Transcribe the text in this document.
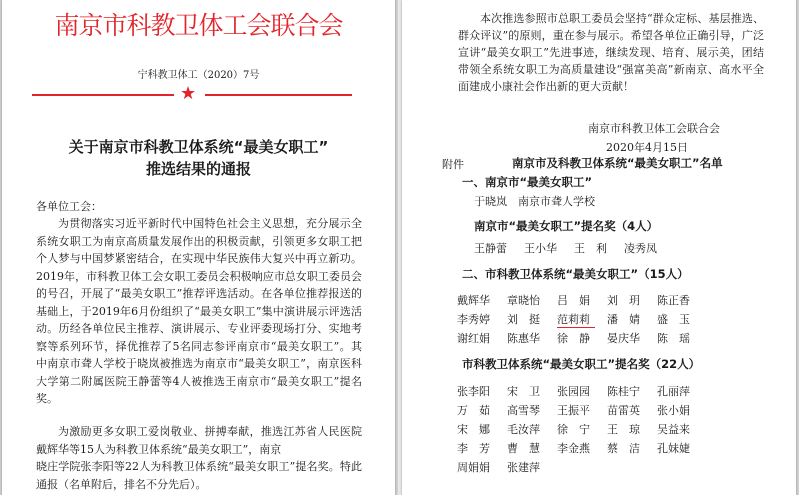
南京市科教卫体工会联合会
宁科教卫体工（2020）7号
★
关于南京市科教卫体系统“最美女职工”
推选结果的通报
各单位工会：
为贯彻落实习近平新时代中国特色社会主义思想，充分展示全系统女职工为南京高质量发展作出的积极贡献，引领更多女职工把个人梦与中国梦紧密结合，在实现中华民族伟大复兴中再立新功。2019年，市科教卫体工会女职工委员会积极响应市总女职工委员会的号召，开展了“最美女职工”推荐评选活动。在各单位推荐报送的基础上，于2019年6月份组织了“最美女职工”集中演讲展示评选活动。历经各单位民主推荐、演讲展示、专业评委现场打分、实地考察等系列环节，择优推荐了5名同志参评南京市“最美女职工”。其中南京市聋人学校于晓岚被推选为南京市“最美女职工”，南京医科大学第二附属医院王静蕾等4人被推选王南京市“最美女职工”提名奖。
为激励更多女职工爱岗敬业、拼搏奉献，推选江苏省人民医院戴辉华等15人为科教卫体系统“最美女职工”，南京
晓庄学院张李阳等22人为科教卫体系统“最美女职工”提名奖。特此通报（名单附后，排名不分先后）。
本次推选参照市总职工委员会坚持“群众定标、基层推选、群众评议”的原则，重在参与展示。希望各单位正确引导，广泛宣讲“最美女职工”先进事迹，继续发现、培育、展示美，团结带领全系统女职工为高质量建设“强富美高”新南京、高水平全面建成小康社会作出新的更大贡献！
南京市科教卫体工会联合会
2020年4月15日
附件	南京市及科教卫体系统“最美女职工”名单
一、南京市“最美女职工”
于晓岚　南京市聋人学校
南京市“最美女职工”提名奖（4人）
王静蕾	王小华	王　利	凌秀凤
二、市科教卫体系统“最美女职工”（15人）
戴辉华	章晓怡	吕　娟	刘　玥	陈正香
李秀婷	刘　挺	范莉莉	潘　婧	盛　玉
谢红娟	陈惠华	徐　静	晏庆华	陈　瑶
市科教卫体系统“最美女职工”提名奖（22人）
张李阳	宋　卫	张园园	陈桂宁	孔丽萍
万　茹	高雪琴	王振平	苗雷英	张小娟
宋　娜	毛汝萍	徐　宁	王　琼	吴益来
李　芳	曹　慧	李金燕	蔡　洁	孔妹婕
周娟娟	张建萍
